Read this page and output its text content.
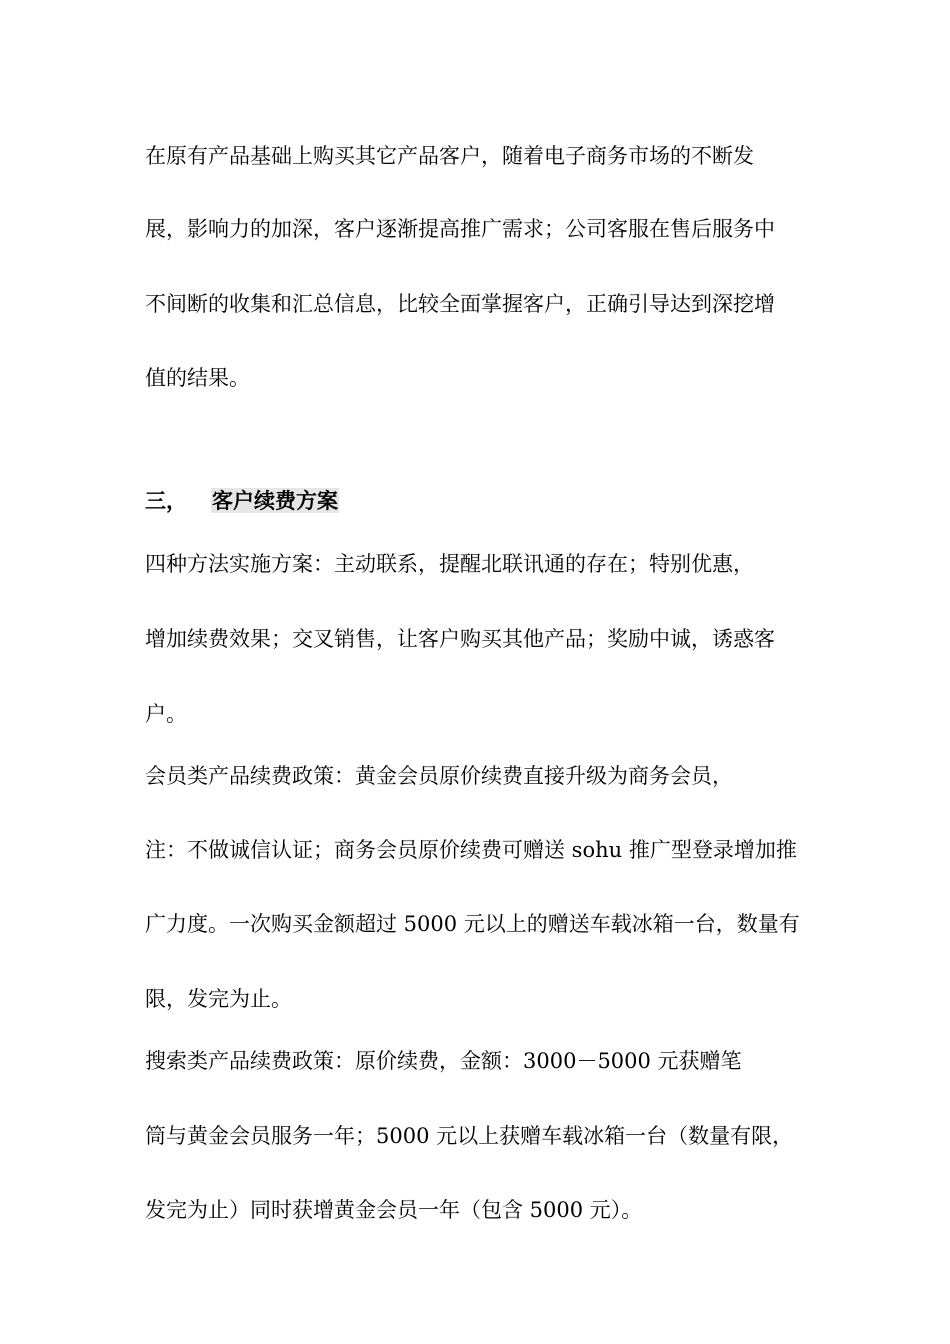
在原有产品基础上购买其它产品客户，随着电子商务市场的不断发

展，影响力的加深，客户逐渐提高推广需求；公司客服在售后服务中

不间断的收集和汇总信息，比较全面掌握客户，正确引导达到深挖增

值的结果。

三， 客户续费方案

四种方法实施方案：主动联系，提醒北联讯通的存在；特别优惠，

增加续费效果；交叉销售，让客户购买其他产品；奖励中诚，诱惑客

户。

会员类产品续费政策：黄金会员原价续费直接升级为商务会员，

注：不做诚信认证；商务会员原价续费可赠送 sohu 推广型登录增加推

广力度。一次购买金额超过 5000 元以上的赠送车载冰箱一台，数量有

限，发完为止。

搜索类产品续费政策：原价续费，金额：3000－5000 元获赠笔

筒与黄金会员服务一年；5000 元以上获赠车载冰箱一台（数量有限，

发完为止）同时获增黄金会员一年（包含 5000 元）。
